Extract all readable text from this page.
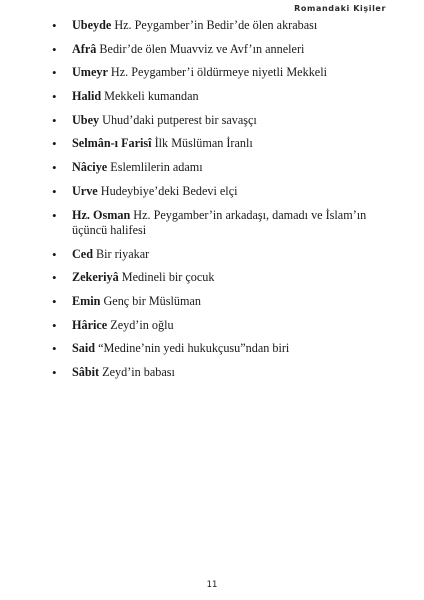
Romandaki Kişiler
• Ubeyde Hz. Peygamber’in Bedir’de ölen akrabası
• Afrâ Bedir’de ölen Muavviz ve Avf’ın anneleri
• Umeyr Hz. Peygamber’i öldürmeye niyetli Mekkeli
• Halid Mekkeli kumandan
• Ubey Uhud’daki putperest bir savaşçı
• Selmân-ı Farisî İlk Müslüman İranlı
• Nâciye Eslemlilerin adamı
• Urve Hudeybiye’deki Bedevi elçi
• Hz. Osman Hz. Peygamber’in arkadaşı, damadı ve İslam’ın üçüncü halifesi
• Ced Bir riyakar
• Zekeriyâ Medineli bir çocuk
• Emin Genç bir Müslüman
• Hârice Zeyd’in oğlu
• Said “Medine’nin yedi hukukçusu”ndan biri
• Sâbit Zeyd’in babası
11
